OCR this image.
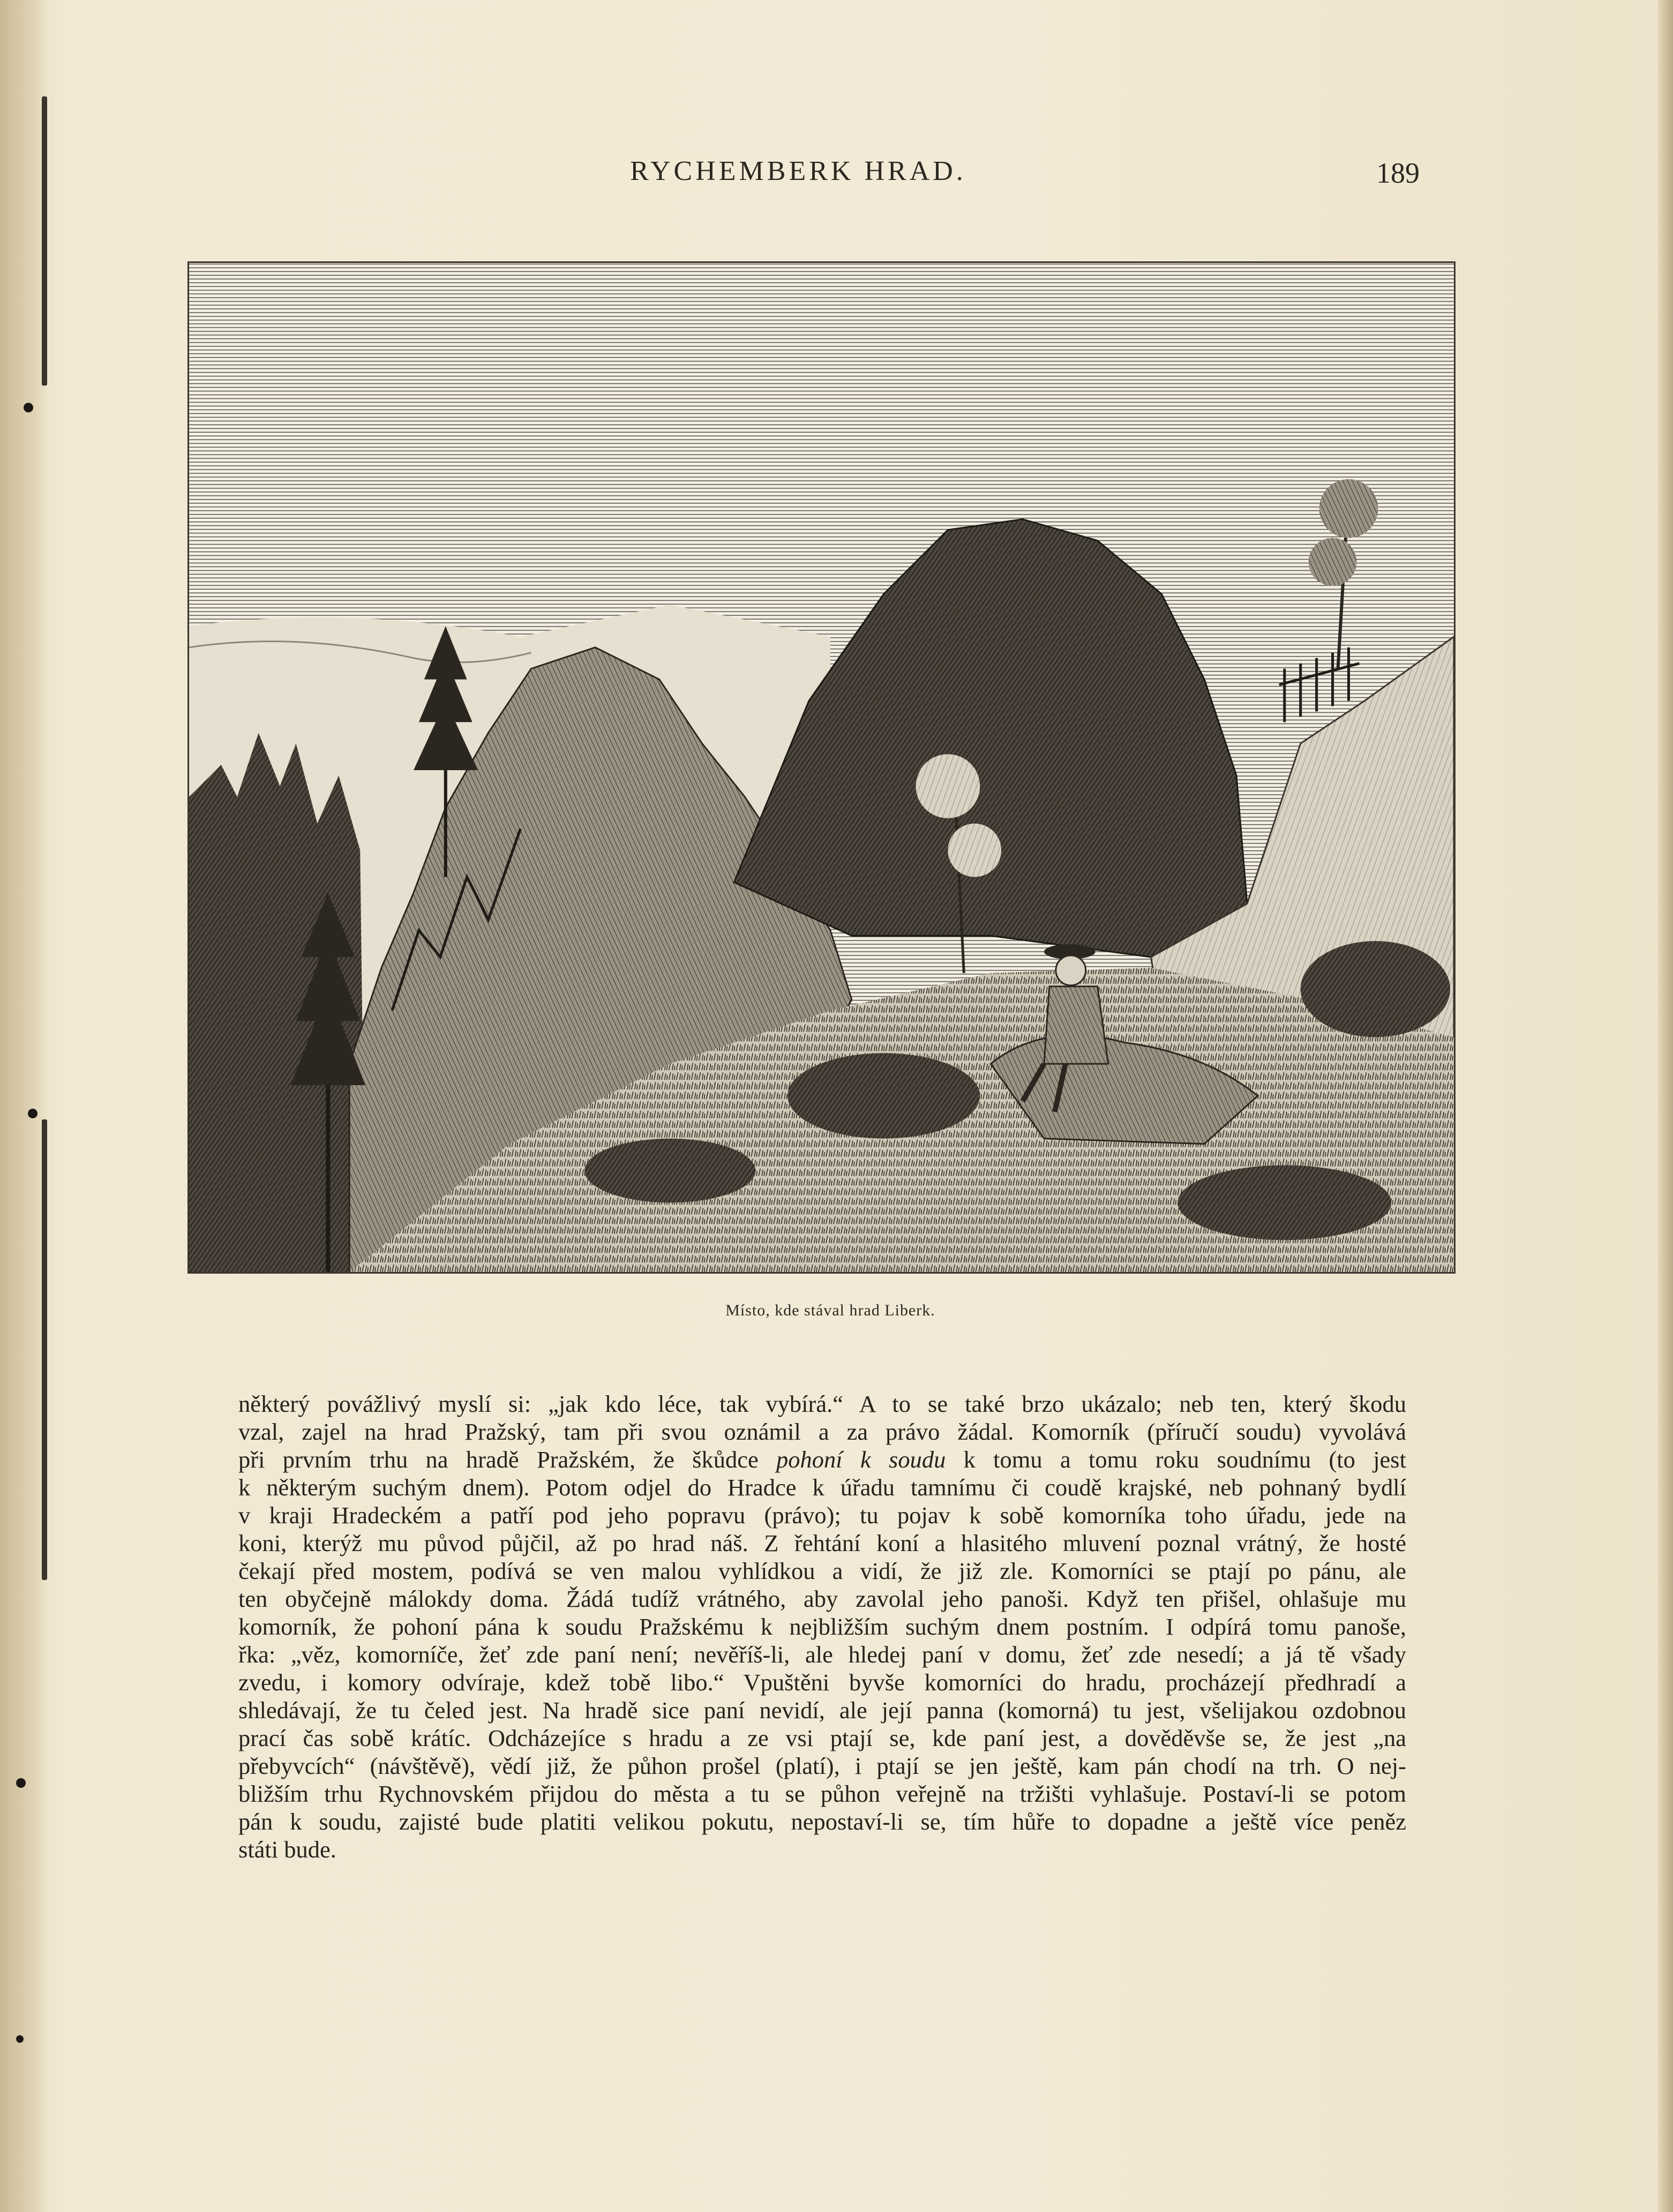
RYCHEMBERK HRAD.	189
Místo, kde stával hrad Liberk.
některý povážlivý myslí si: „jak kdo léce, tak vybírá.“ A to se také brzo ukázalo; neb ten, který škodu
vzal, zajel na hrad Pražský, tam při svou oznámil a za právo žádal. Komorník (příručí soudu) vyvolává
při prvním trhu na hradě Pražském, že škůdce pohoní k soudu k tomu a tomu roku soudnímu (to jest
k některým suchým dnem). Potom odjel do Hradce k úřadu tamnímu či coudě krajské, neb pohnaný bydlí
v kraji Hradeckém a patří pod jeho popravu (právo); tu pojav k sobě komorníka toho úřadu, jede na
koni, kterýž mu původ půjčil, až po hrad náš. Z řehtání koní a hlasitého mluvení poznal vrátný, že hosté
čekají před mostem, podívá se ven malou vyhlídkou a vidí, že již zle. Komorníci se ptají po pánu, ale
ten obyčejně málokdy doma. Žádá tudíž vrátného, aby zavolal jeho panoši. Když ten přišel, ohlašuje mu
komorník, že pohoní pána k soudu Pražskému k nejbližším suchým dnem postním. I odpírá tomu panoše,
řka: „věz, komorníče, žeť zde paní není; nevěříš-li, ale hledej paní v domu, žeť zde nesedí; a já tě všady
zvedu, i komory odvíraje, kdež tobě libo.“ Vpuštěni byvše komorníci do hradu, procházejí předhradí a
shledávají, že tu čeled jest. Na hradě sice paní nevidí, ale její panna (komorná) tu jest, všelijakou ozdobnou
prací čas sobě krátíc. Odcházejíce s hradu a ze vsi ptají se, kde paní jest, a dověděvše se, že jest „na
přebyvcích“ (návštěvě), vědí již, že půhon prošel (platí), i ptají se jen ještě, kam pán chodí na trh. O nej-
bližším trhu Rychnovském přijdou do města a tu se půhon veřejně na tržišti vyhlašuje. Postaví-li se potom
pán k soudu, zajisté bude platiti velikou pokutu, nepostaví-li se, tím hůře to dopadne a ještě více peněz
státi bude.
